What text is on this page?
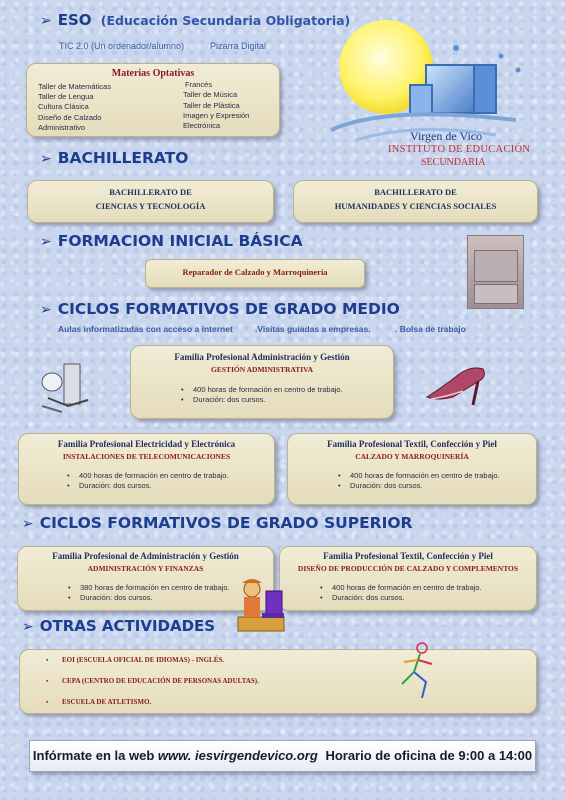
➢ ESO (Educación Secundaria Obligatoria)
TIC 2.0 (Un ordenador/alumno)	Pizarra Digital
Materias Optativas
Taller de Matemáticas
Taller de Lengua
Cultura Clásica
Diseño de Calzado
Administrativo
Francés
Taller de Música
Taller de Plástica
Imagen y Expresión
Electrónica
Virgen de Vico
INSTITUTO DE EDUCACIÓN
SECUNDARIA
➢ BACHILLERATO
BACHILLERATO DE
CIENCIAS Y TECNOLOGÍA
BACHILLERATO DE
HUMANIDADES Y CIENCIAS SOCIALES
➢ FORMACION INICIAL BÁSICA
Reparador de Calzado y Marroquinería
➢ CICLOS FORMATIVOS DE GRADO MEDIO
Aulas informatizadas con acceso a internet	.Visitas guiadas a empresas.	. Bolsa de trabajo
Familia Profesional Administración y Gestión
GESTIÓN ADMINISTRATIVA
• 400 horas de formación en centro de trabajo.
• Duración: dos cursos.
Familia Profesional Electricidad y Electrónica
INSTALACIONES DE TELECOMUNICACIONES
• 400 horas de formación en centro de trabajo.
• Duración: dos cursos.
Familia Profesional Textil, Confección y Piel
CALZADO Y MARROQUINERÍA
• 400 horas de formación en centro de trabajo.
• Duración: dos cursos.
➢ CICLOS FORMATIVOS DE GRADO SUPERIOR
Familia Profesional de Administración y Gestión
ADMINISTRACIÓN Y FINANZAS
• 380 horas de formación en centro de trabajo.
• Duración: dos cursos.
Familia Profesional Textil, Confección y Piel
DISEÑO DE PRODUCCIÓN DE CALZADO Y COMPLEMENTOS
• 400 horas de formación en centro de trabajo.
• Duración: dos cursos.
➢ OTRAS ACTIVIDADES
▪ EOI (ESCUELA OFICIAL DE IDIOMAS) - INGLÉS.
▪ CEPA (CENTRO DE EDUCACIÓN DE PERSONAS ADULTAS).
▪ ESCUELA DE ATLETISMO.
Infórmate en la web www. iesvirgendevico.org Horario de oficina de 9:00 a 14:00
